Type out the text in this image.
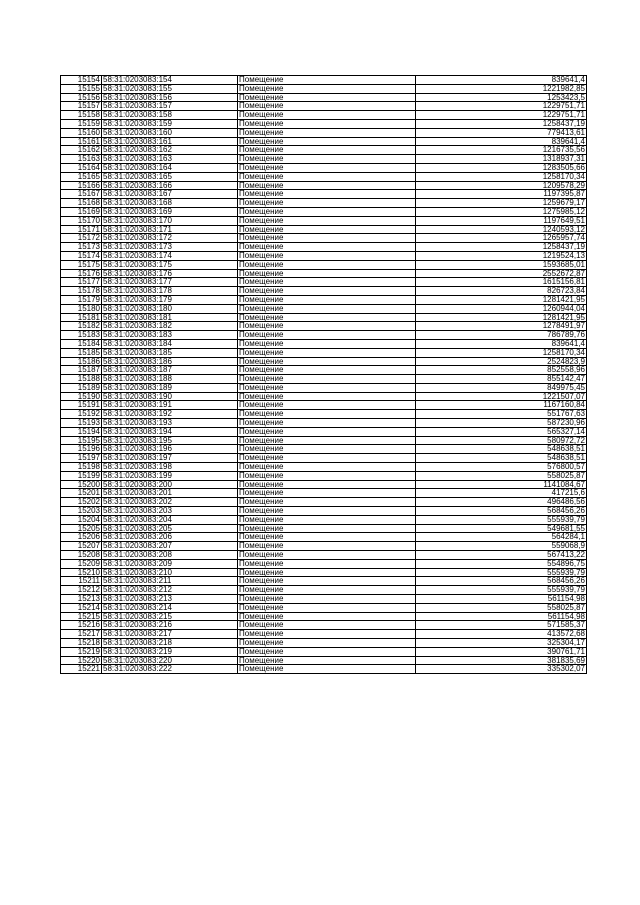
15154	58:31:0203083:154	Помещение	839641,4
15155	58:31:0203083:155	Помещение	1221982,85
15156	58:31:0203083:156	Помещение	1253423,5
15157	58:31:0203083:157	Помещение	1229751,71
15158	58:31:0203083:158	Помещение	1229751,71
15159	58:31:0203083:159	Помещение	1258437,19
15160	58:31:0203083:160	Помещение	779413,61
15161	58:31:0203083:161	Помещение	839641,4
15162	58:31:0203083:162	Помещение	1216735,56
15163	58:31:0203083:163	Помещение	1318937,31
15164	58:31:0203083:164	Помещение	1283505,66
15165	58:31:0203083:165	Помещение	1258170,34
15166	58:31:0203083:166	Помещение	1209578,29
15167	58:31:0203083:167	Помещение	1197395,87
15168	58:31:0203083:168	Помещение	1259679,17
15169	58:31:0203083:169	Помещение	1275985,12
15170	58:31:0203083:170	Помещение	1197649,51
15171	58:31:0203083:171	Помещение	1240593,12
15172	58:31:0203083:172	Помещение	1265957,74
15173	58:31:0203083:173	Помещение	1258437,19
15174	58:31:0203083:174	Помещение	1219524,13
15175	58:31:0203083:175	Помещение	1593685,01
15176	58:31:0203083:176	Помещение	2552672,87
15177	58:31:0203083:177	Помещение	1615156,81
15178	58:31:0203083:178	Помещение	826723,84
15179	58:31:0203083:179	Помещение	1281421,95
15180	58:31:0203083:180	Помещение	1260944,04
15181	58:31:0203083:181	Помещение	1281421,95
15182	58:31:0203083:182	Помещение	1278491,97
15183	58:31:0203083:183	Помещение	786789,76
15184	58:31:0203083:184	Помещение	839641,4
15185	58:31:0203083:185	Помещение	1258170,34
15186	58:31:0203083:186	Помещение	2524823,9
15187	58:31:0203083:187	Помещение	852558,96
15188	58:31:0203083:188	Помещение	855142,47
15189	58:31:0203083:189	Помещение	849975,45
15190	58:31:0203083:190	Помещение	1221507,07
15191	58:31:0203083:191	Помещение	1167160,84
15192	58:31:0203083:192	Помещение	551767,63
15193	58:31:0203083:193	Помещение	587230,96
15194	58:31:0203083:194	Помещение	565327,14
15195	58:31:0203083:195	Помещение	580972,72
15196	58:31:0203083:196	Помещение	548638,51
15197	58:31:0203083:197	Помещение	548638,51
15198	58:31:0203083:198	Помещение	576800,57
15199	58:31:0203083:199	Помещение	558025,87
15200	58:31:0203083:200	Помещение	1141084,67
15201	58:31:0203083:201	Помещение	417215,6
15202	58:31:0203083:202	Помещение	496486,56
15203	58:31:0203083:203	Помещение	568456,26
15204	58:31:0203083:204	Помещение	555939,79
15205	58:31:0203083:205	Помещение	549681,55
15206	58:31:0203083:206	Помещение	564284,1
15207	58:31:0203083:207	Помещение	559068,9
15208	58:31:0203083:208	Помещение	567413,22
15209	58:31:0203083:209	Помещение	554896,75
15210	58:31:0203083:210	Помещение	555939,79
15211	58:31:0203083:211	Помещение	568456,26
15212	58:31:0203083:212	Помещение	555939,79
15213	58:31:0203083:213	Помещение	561154,98
15214	58:31:0203083:214	Помещение	558025,87
15215	58:31:0203083:215	Помещение	561154,98
15216	58:31:0203083:216	Помещение	571585,37
15217	58:31:0203083:217	Помещение	413572,68
15218	58:31:0203083:218	Помещение	325304,17
15219	58:31:0203083:219	Помещение	390761,71
15220	58:31:0203083:220	Помещение	381835,69
15221	58:31:0203083:222	Помещение	335302,07
